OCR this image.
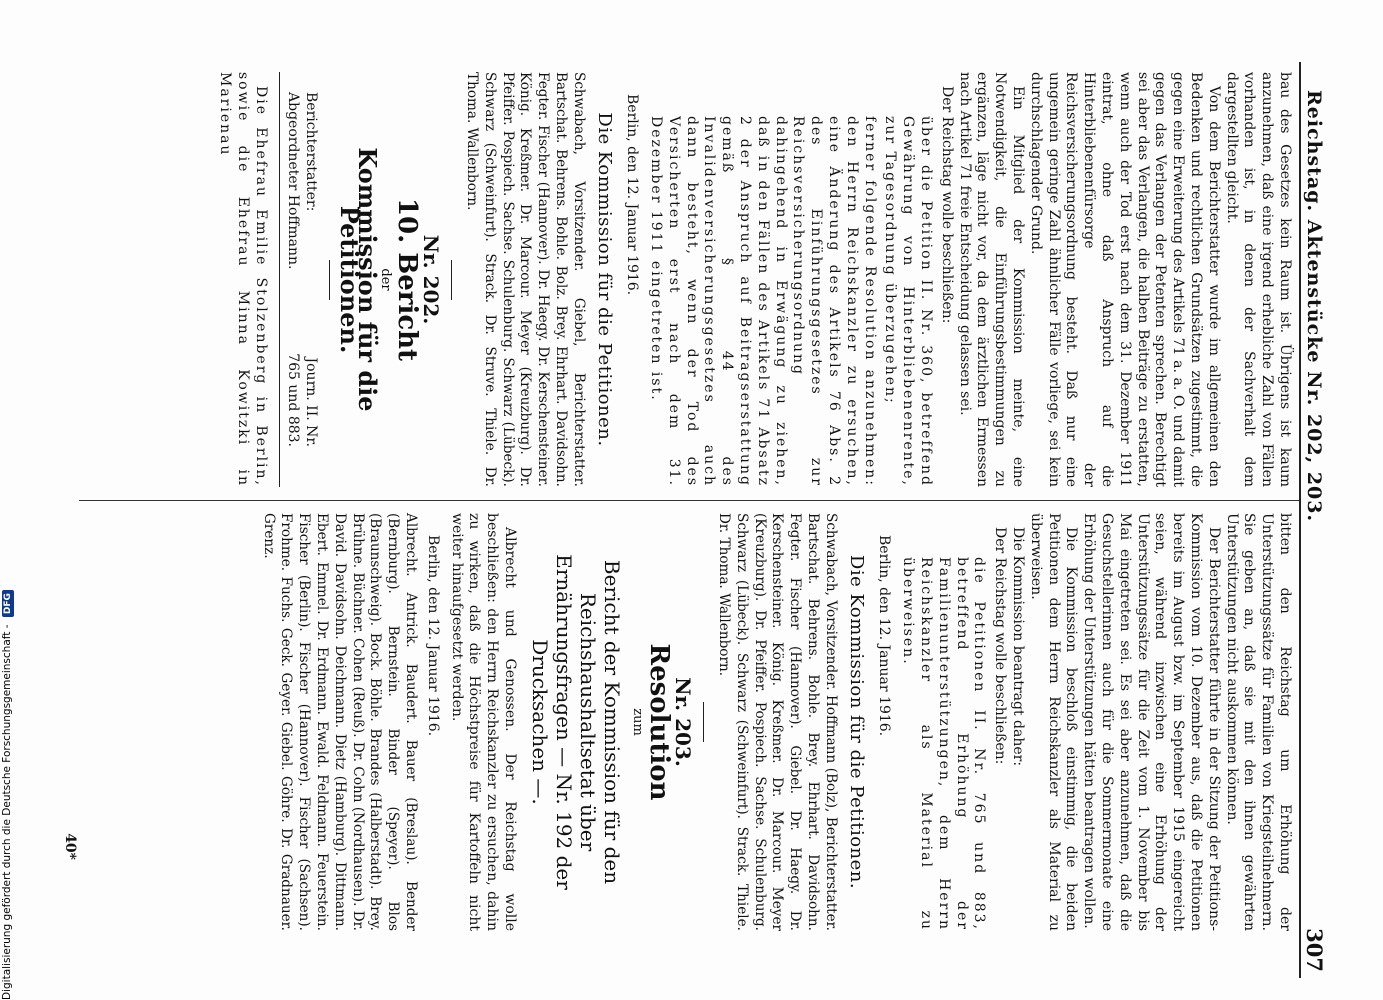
Reichstag. Aktenstücke Nr. 202, 203.
307

bau des Gesetzes kein Raum ist. Übrigens ist kaum anzunehmen, daß eine irgend erhebliche Zahl von Fällen vorhanden ist, in denen der Sachverhalt dem dargestellten gleicht.

Von dem Berichterstatter wurde im allgemeinen den Bedenken und rechtlichen Grundsätzen zugestimmt, die gegen eine Erweiterung des Artikels 71 a. a. O. und damit gegen das Verlangen der Petenten sprechen. Berechtigt sei aber das Verlangen, die halben Beiträge zu erstatten, wenn auch der Tod erst nach dem 31. Dezember 1911 eintrat, ohne daß Anspruch auf die Hinterbliebenenfürsorge der Reichsversicherungsordnung besteht. Daß nur eine ungemein geringe Zahl ähnlicher Fälle vorliege, sei kein durchschlagender Grund.

Ein Mitglied der Kommission meinte, eine Notwendigkeit, die Einführungsbestimmungen zu ergänzen, läge nicht vor, da dem ärztlichen Ermessen nach Artikel 71 freie Entscheidung gelassen sei.

Der Reichstag wolle beschließen:

über die Petition II. Nr. 360, betreffend Gewährung von Hinterbliebenenrente, zur Tagesordnung überzugehen;

ferner folgende Resolution anzunehmen: den Herrn Reichskanzler zu ersuchen, eine Änderung des Artikels 76 Abs. 2 des Einführungsgesetzes zur Reichsversicherungsordnung dahingehend in Erwägung zu ziehen, daß in den Fällen des Artikels 71 Absatz 2 der Anspruch auf Beitragserstattung gemäß § 44 des Invalidenversicherungsgesetzes auch dann besteht, wenn der Tod des Versicherten erst nach dem 31. Dezember 1911 eingetreten ist.

Berlin, den 12. Januar 1916.

Die Kommission für die Petitionen.

Schwabach, Vorsitzender. Giebel, Berichterstatter. Bartschat. Behrens. Bohle. Bolz. Brey. Ehrhart. Davidsohn. Fegter. Fischer (Hannover). Dr. Haegy. Dr. Kerschensteiner. König. Kreßmer. Dr. Marcour. Meyer (Kreuzburg). Dr. Pfeiffer. Pospiech. Sachse. Schulenburg. Schwarz (Lübeck). Schwarz (Schweinfurt). Strack. Dr. Struve. Thiele. Dr. Thoma. Wallenborn.

Nr. 202.

10. Bericht

der

Kommission für die Petitionen.

Berichterstatter:
Abgeordneter Hoffmann.
Journ. II. Nr. 765 und 883.

Die Ehefrau Emilie Stolzenberg in Berlin, sowie die Ehefrau Minna Kowitzki in Marienau

bitten den Reichstag um Erhöhung der Unterstützungssätze für Familien von Kriegsteilnehmern. Sie geben an, daß sie mit den ihnen gewährten Unterstützungen nicht auskommen können.

Der Berichterstatter führte in der Sitzung der Petitions-Kommission vom 10. Dezember aus, daß die Petitionen bereits im August bzw. im September 1915 eingereicht seien, während inzwischen eine Erhöhung der Unterstützungssätze für die Zeit vom 1. November bis Mai eingetreten sei. Es sei aber anzunehmen, daß die Gesuchstellerinnen auch für die Sommermonate eine Erhöhung der Unterstützungen hätten beantragen wollen.

Die Kommission beschloß einstimmig, die beiden Petitionen dem Herrn Reichskanzler als Material zu überweisen.

Die Kommission beantragt daher:

Der Reichstag wolle beschließen:

die Petitionen II. Nr. 765 und 883, betreffend Erhöhung der Familienunterstützungen, dem Herrn Reichskanzler als Material zu überweisen.

Berlin, den 12. Januar 1916.

Die Kommission für die Petitionen.

Schwabach, Vorsitzender. Hoffmann (Bolz), Berichterstatter. Bartschat. Behrens. Bohle. Brey. Ehrhart. Davidsohn. Fegter. Fischer (Hannover). Giebel. Dr. Haegy. Dr. Kerschensteiner. König. Kreßmer. Dr. Marcour. Meyer (Kreuzburg). Dr. Pfeiffer. Pospiech. Sachse. Schulenburg. Schwarz (Lübeck). Schwarz (Schweinfurt). Strack. Thiele. Dr. Thoma. Wallenborn.

Nr. 203.

Resolution

zum

Bericht der Kommission für den Reichshaushaltsetat über Ernährungsfragen — Nr. 192 der Drucksachen —.

Albrecht und Genossen. Der Reichstag wolle beschließen: den Herrn Reichskanzler zu ersuchen, dahin zu wirken, daß die Höchstpreise für Kartoffeln nicht weiter hinaufgesetzt werden.

Berlin, den 12. Januar 1916.

Albrecht. Antrick. Baudert. Bauer (Breslau). Bender (Bernburg). Bernstein. Binder (Speyer). Blos (Braunschweig). Bock. Böhle. Brandes (Halberstadt). Brey. Brühne. Büchner. Cohen (Reuß). Dr. Cohn (Nordhausen). Dr. David. Davidsohn. Deichmann. Dietz (Hamburg). Dittmann. Ebert. Emmel. Dr. Erdmann. Ewald. Feldmann. Feuerstein. Fischer (Berlin). Fischer (Hannover). Fischer (Sachsen). Frohme. Fuchs. Geck. Geyer. Giebel. Göhre. Dr. Gradnauer. Grenz.

40*
Digitalisierung gefördert durch die Deutsche Forschungsgemeinschaft - DFG
